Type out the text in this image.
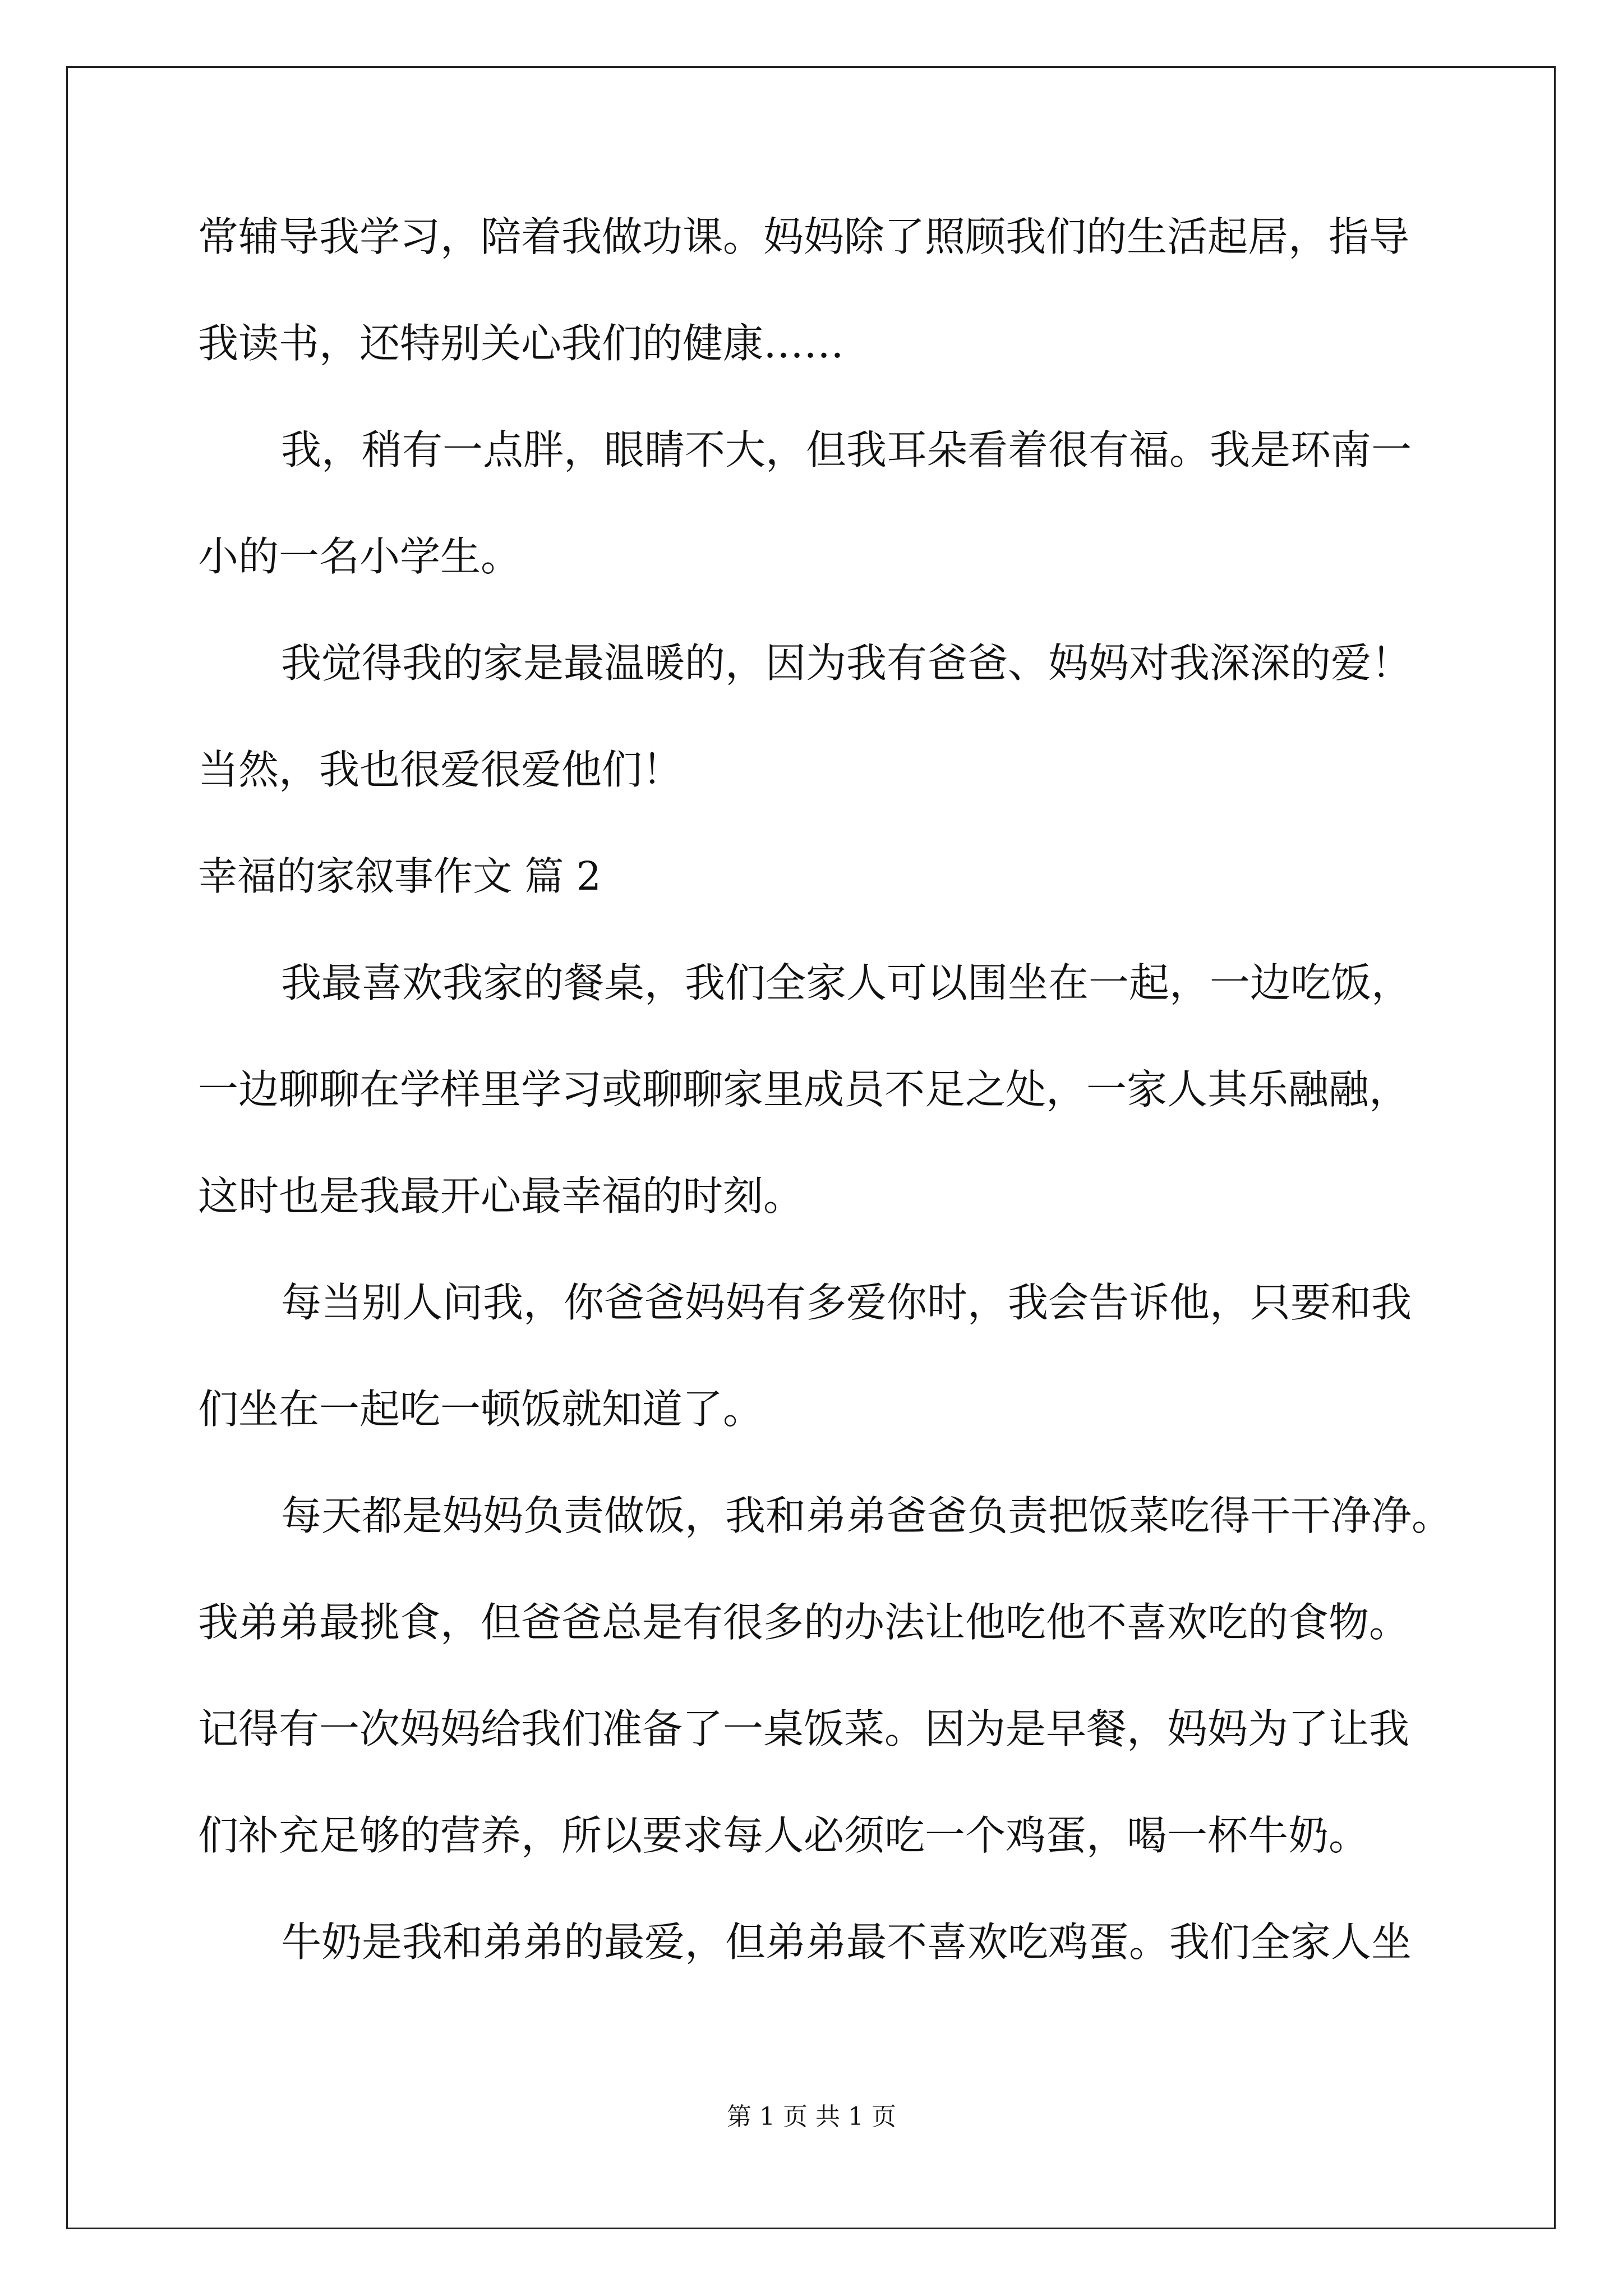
常辅导我学习，陪着我做功课。妈妈除了照顾我们的生活起居，指导
我读书，还特别关心我们的健康……
我，稍有一点胖，眼睛不大，但我耳朵看着很有福。我是环南一
小的一名小学生。
我觉得我的家是最温暖的，因为我有爸爸、妈妈对我深深的爱！
当然，我也很爱很爱他们！
幸福的家叙事作文 篇 2
我最喜欢我家的餐桌，我们全家人可以围坐在一起，一边吃饭，
一边聊聊在学样里学习或聊聊家里成员不足之处，一家人其乐融融，
这时也是我最开心最幸福的时刻。
每当别人问我，你爸爸妈妈有多爱你时，我会告诉他，只要和我
们坐在一起吃一顿饭就知道了。
每天都是妈妈负责做饭，我和弟弟爸爸负责把饭菜吃得干干净净。
我弟弟最挑食，但爸爸总是有很多的办法让他吃他不喜欢吃的食物。
记得有一次妈妈给我们准备了一桌饭菜。因为是早餐，妈妈为了让我
们补充足够的营养，所以要求每人必须吃一个鸡蛋，喝一杯牛奶。
牛奶是我和弟弟的最爱，但弟弟最不喜欢吃鸡蛋。我们全家人坐
第 1 页 共 1 页
